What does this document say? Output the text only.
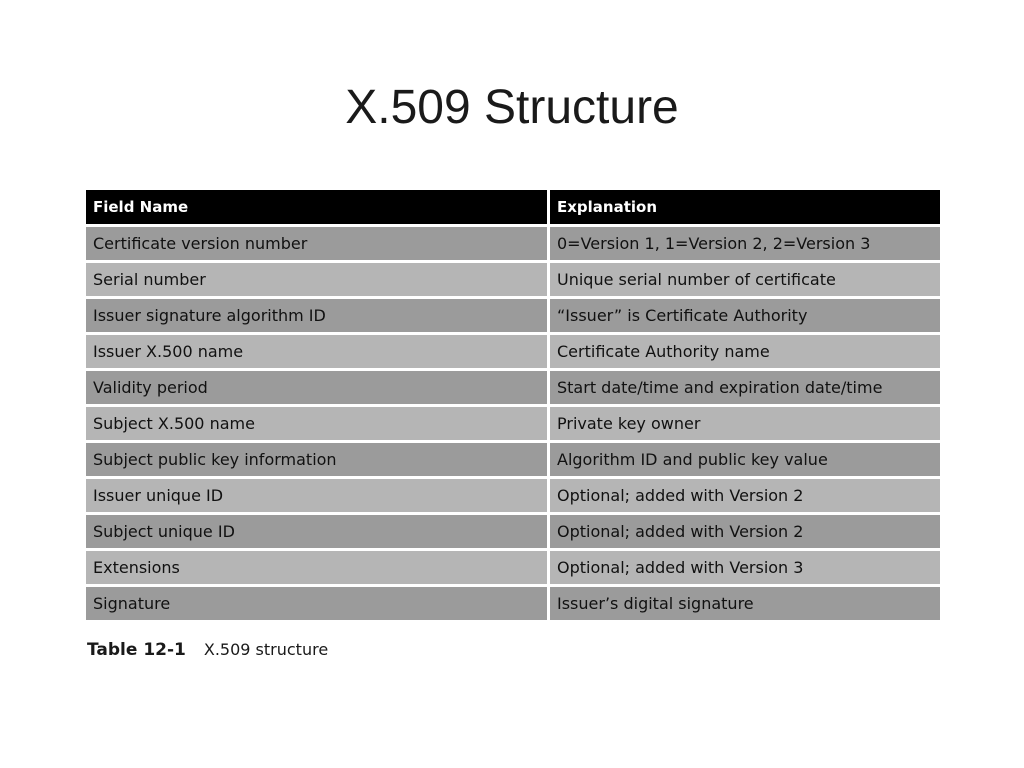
X.509 Structure
Field Name	Explanation
Certificate version number	0=Version 1, 1=Version 2, 2=Version 3
Serial number	Unique serial number of certificate
Issuer signature algorithm ID	“Issuer” is Certificate Authority
Issuer X.500 name	Certificate Authority name
Validity period	Start date/time and expiration date/time
Subject X.500 name	Private key owner
Subject public key information	Algorithm ID and public key value
Issuer unique ID	Optional; added with Version 2
Subject unique ID	Optional; added with Version 2
Extensions	Optional; added with Version 3
Signature	Issuer’s digital signature
Table 12-1 X.509 structure
